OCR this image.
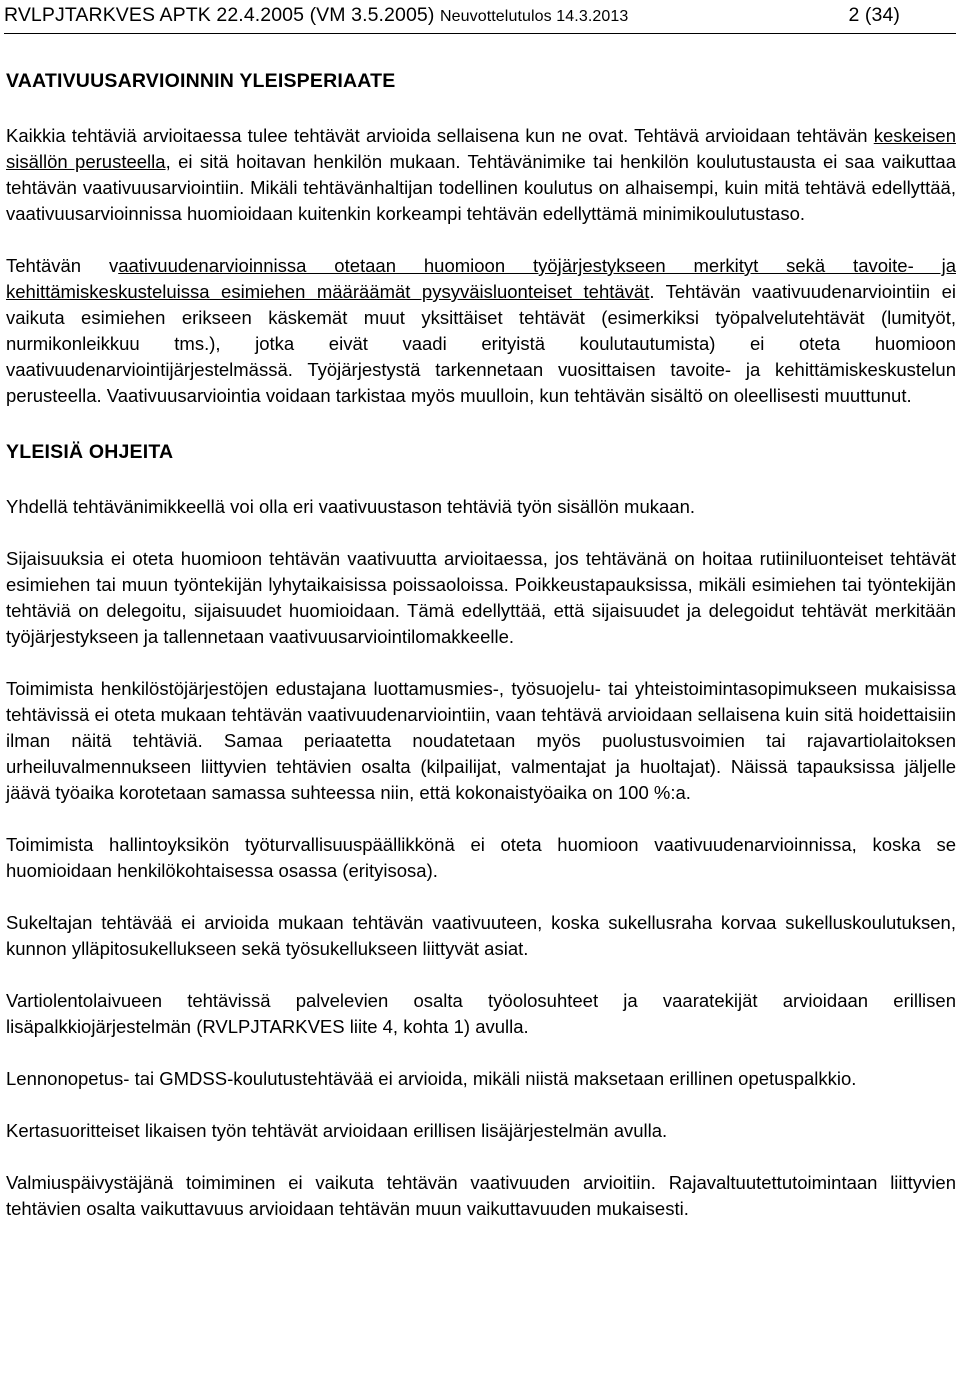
RVLPJTARKVES APTK 22.4.2005 (VM 3.5.2005) Neuvottelutulos 14.3.2013	2 (34)
VAATIVUUSARVIOINNIN YLEISPERIAATE

Kaikkia tehtäviä arvioitaessa tulee tehtävät arvioida sellaisena kun ne ovat. Tehtävä arvioidaan tehtävän keskeisen sisällön perusteella, ei sitä hoitavan henkilön mukaan. Tehtävänimike tai henkilön koulutustausta ei saa vaikuttaa tehtävän vaativuusarviointiin. Mikäli tehtävänhaltijan todellinen koulutus on alhaisempi, kuin mitä tehtävä edellyttää, vaativuusarvioinnissa huomioidaan kuitenkin korkeampi tehtävän edellyttämä minimikoulutustaso.

Tehtävän vaativuudenarvioinnissa otetaan huomioon työjärjestykseen merkityt sekä tavoite- ja kehittämiskeskusteluissa esimiehen määräämät pysyväisluonteiset tehtävät. Tehtävän vaativuudenarviointiin ei vaikuta esimiehen erikseen käskemät muut yksittäiset tehtävät (esimerkiksi työpalvelutehtävät (lumityöt, nurmikonleikkuu tms.), jotka eivät vaadi erityistä koulutautumista) ei oteta huomioon vaativuudenarviointijärjestelmässä. Työjärjestystä tarkennetaan vuosittaisen tavoite- ja kehittämiskeskustelun perusteella. Vaativuusarviointia voidaan tarkistaa myös muulloin, kun tehtävän sisältö on oleellisesti muuttunut.

YLEISIÄ OHJEITA

Yhdellä tehtävänimikkeellä voi olla eri vaativuustason tehtäviä työn sisällön mukaan.

Sijaisuuksia ei oteta huomioon tehtävän vaativuutta arvioitaessa, jos tehtävänä on hoitaa rutiiniluonteiset tehtävät esimiehen tai muun työntekijän lyhytaikaisissa poissaoloissa. Poikkeustapauksissa, mikäli esimiehen tai työntekijän tehtäviä on delegoitu, sijaisuudet huomioidaan. Tämä edellyttää, että sijaisuudet ja delegoidut tehtävät merkitään työjärjestykseen ja tallennetaan vaativuusarviointilomakkeelle.

Toimimista henkilöstöjärjestöjen edustajana luottamusmies-, työsuojelu- tai yhteistoimintasopimukseen mukaisissa tehtävissä ei oteta mukaan tehtävän vaativuudenarviointiin, vaan tehtävä arvioidaan sellaisena kuin sitä hoidettaisiin ilman näitä tehtäviä. Samaa periaatetta noudatetaan myös puolustusvoimien tai rajavartiolaitoksen urheiluvalmennukseen liittyvien tehtävien osalta (kilpailijat, valmentajat ja huoltajat). Näissä tapauksissa jäljelle jäävä työaika korotetaan samassa suhteessa niin, että kokonaistyöaika on 100 %:a.

Toimimista hallintoyksikön työturvallisuuspäällikkönä ei oteta huomioon vaativuudenarvioinnissa, koska se huomioidaan henkilökohtaisessa osassa (erityisosa).

Sukeltajan tehtävää ei arvioida mukaan tehtävän vaativuuteen, koska sukellusraha korvaa sukelluskoulutuksen, kunnon ylläpitosukellukseen sekä työsukellukseen liittyvät asiat.

Vartiolentolaivueen tehtävissä palvelevien osalta työolosuhteet ja vaaratekijät arvioidaan erillisen lisäpalkkiojärjestelmän (RVLPJTARKVES liite 4, kohta 1) avulla.

Lennonopetus- tai GMDSS-koulutustehtävää ei arvioida, mikäli niistä maksetaan erillinen opetuspalkkio.

Kertasuoritteiset likaisen työn tehtävät arvioidaan erillisen lisäjärjestelmän avulla.

Valmiuspäivystäjänä toimiminen ei vaikuta tehtävän vaativuuden arvioitiin. Rajavaltuutettutoimintaan liittyvien tehtävien osalta vaikuttavuus arvioidaan tehtävän muun vaikuttavuuden mukaisesti.
